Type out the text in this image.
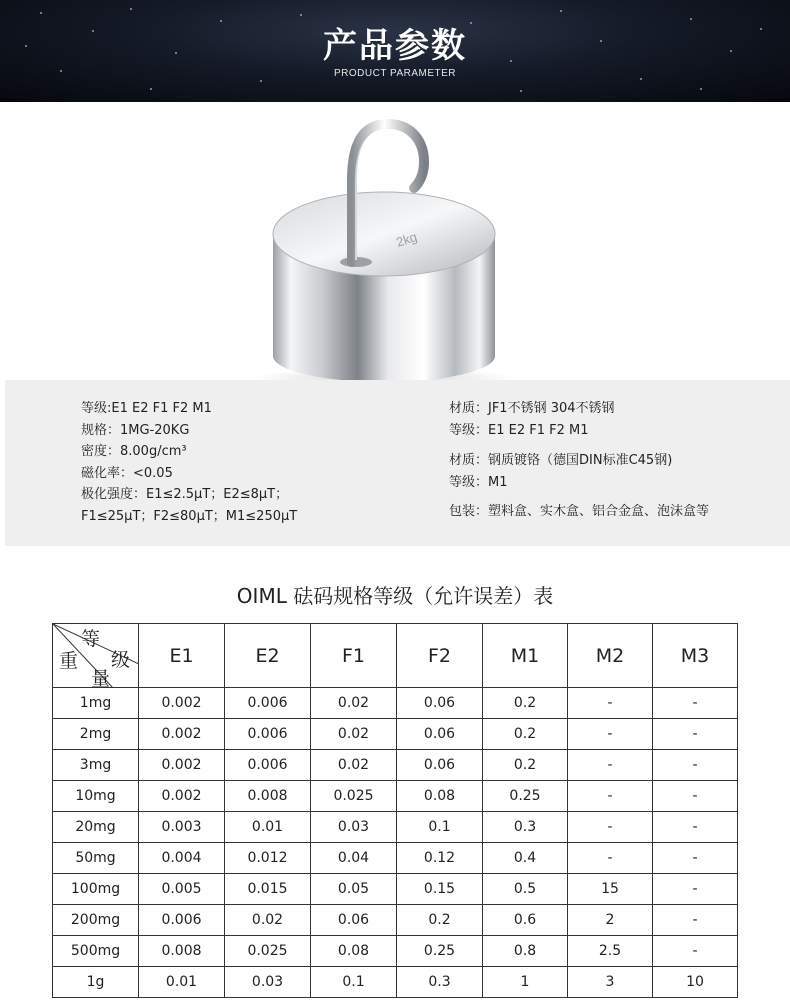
产品参数
PRODUCT PARAMETER
2kg
等级:E1 E2 F1 F2 M1
规格：1MG-20KG
密度：8.00g/cm³
磁化率：<0.05
极化强度：E1≤2.5μT；E2≤8μT；
F1≤25μT；F2≤80μT；M1≤250μT
材质：JF1不锈钢 304不锈钢
等级：E1 E2 F1 F2 M1
材质：钢质镀铬（德国DIN标准C45钢)
等级：M1
包装：塑料盒、实木盒、铝合金盒、泡沫盒等
OIML 砝码规格等级（允许误差）表
等
级
重
量	E1	E2	F1	F2	M1	M2	M3
1mg	0.002	0.006	0.02	0.06	0.2	-	-
2mg	0.002	0.006	0.02	0.06	0.2	-	-
3mg	0.002	0.006	0.02	0.06	0.2	-	-
10mg	0.002	0.008	0.025	0.08	0.25	-	-
20mg	0.003	0.01	0.03	0.1	0.3	-	-
50mg	0.004	0.012	0.04	0.12	0.4	-	-
100mg	0.005	0.015	0.05	0.15	0.5	15	-
200mg	0.006	0.02	0.06	0.2	0.6	2	-
500mg	0.008	0.025	0.08	0.25	0.8	2.5	-
1g	0.01	0.03	0.1	0.3	1	3	10
